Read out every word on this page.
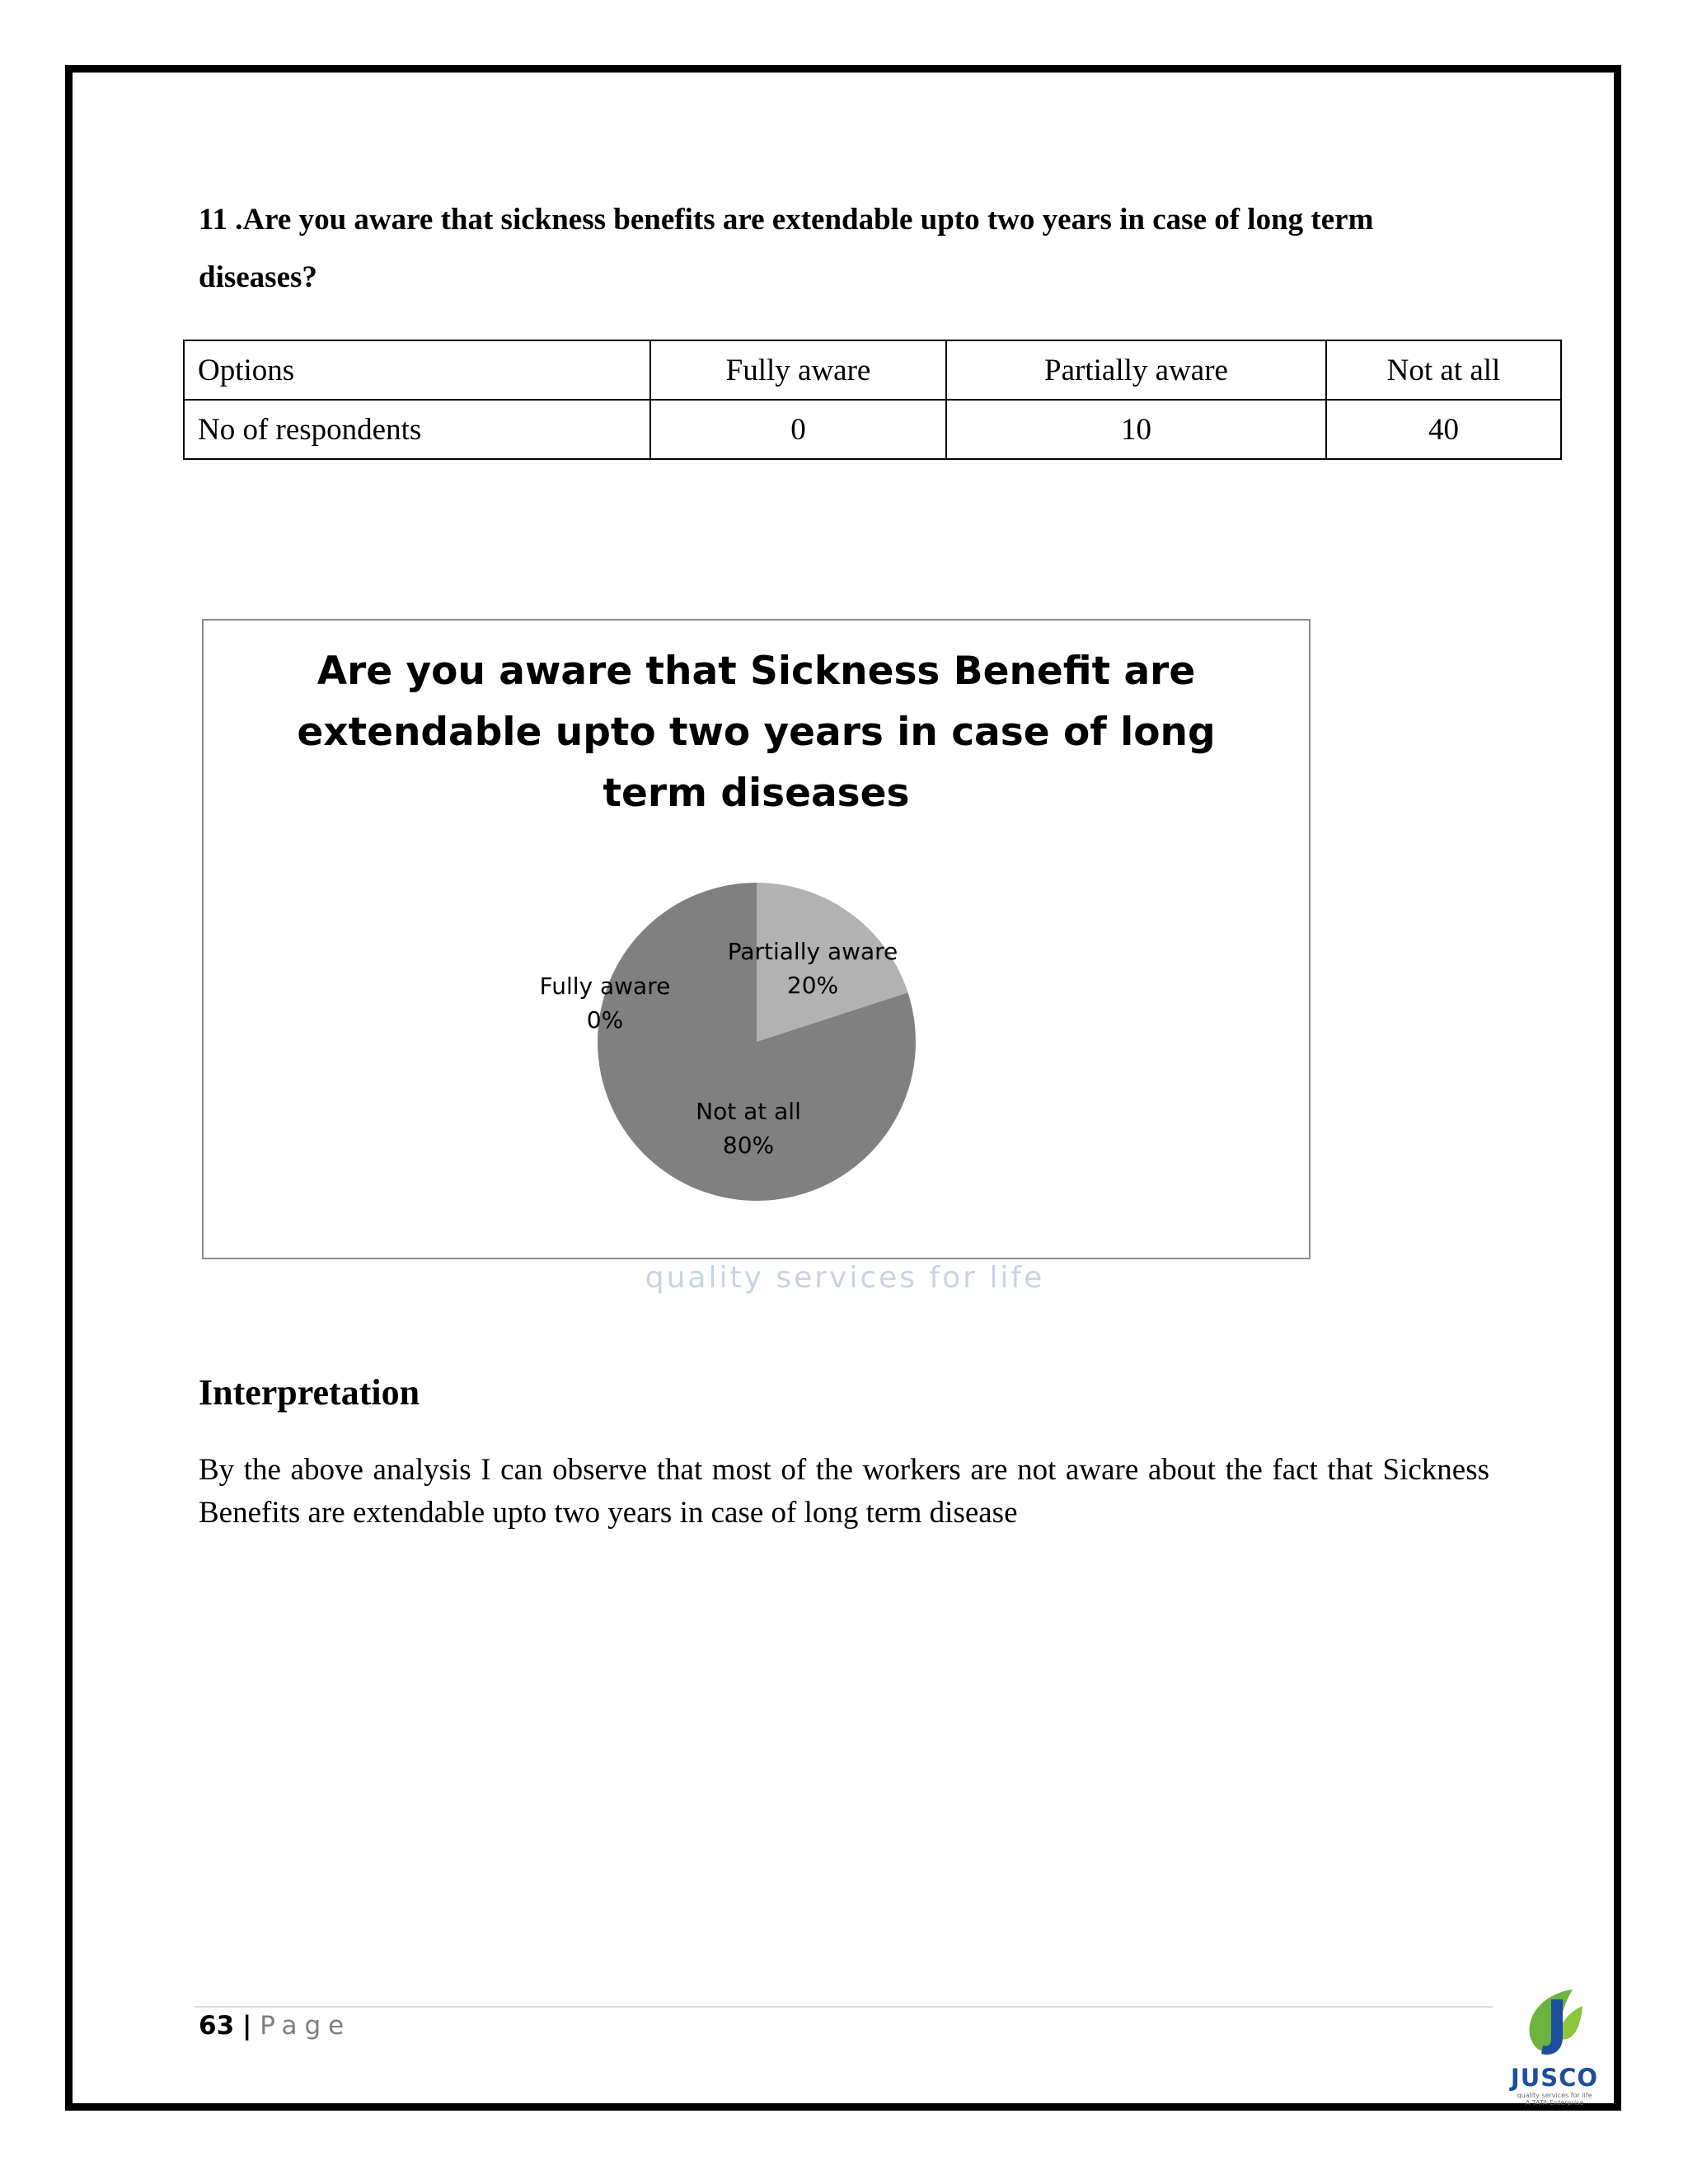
11 .Are you aware that sickness benefits are extendable upto two years in case of long term diseases?

Options	Fully aware	Partially aware	Not at all
No of respondents	0	10	40
Are you aware that Sickness Benefit are
extendable upto two years in case of long
term diseases
Fully aware
0%
Partially aware
20%
Not at all
80%
quality services for life
Interpretation

By the above analysis I can observe that most of the workers are not aware about the fact that Sickness Benefits are extendable upto two years in case of long term disease

63 | Page
JUSCO
quality services for life
A TATA Enterprise
